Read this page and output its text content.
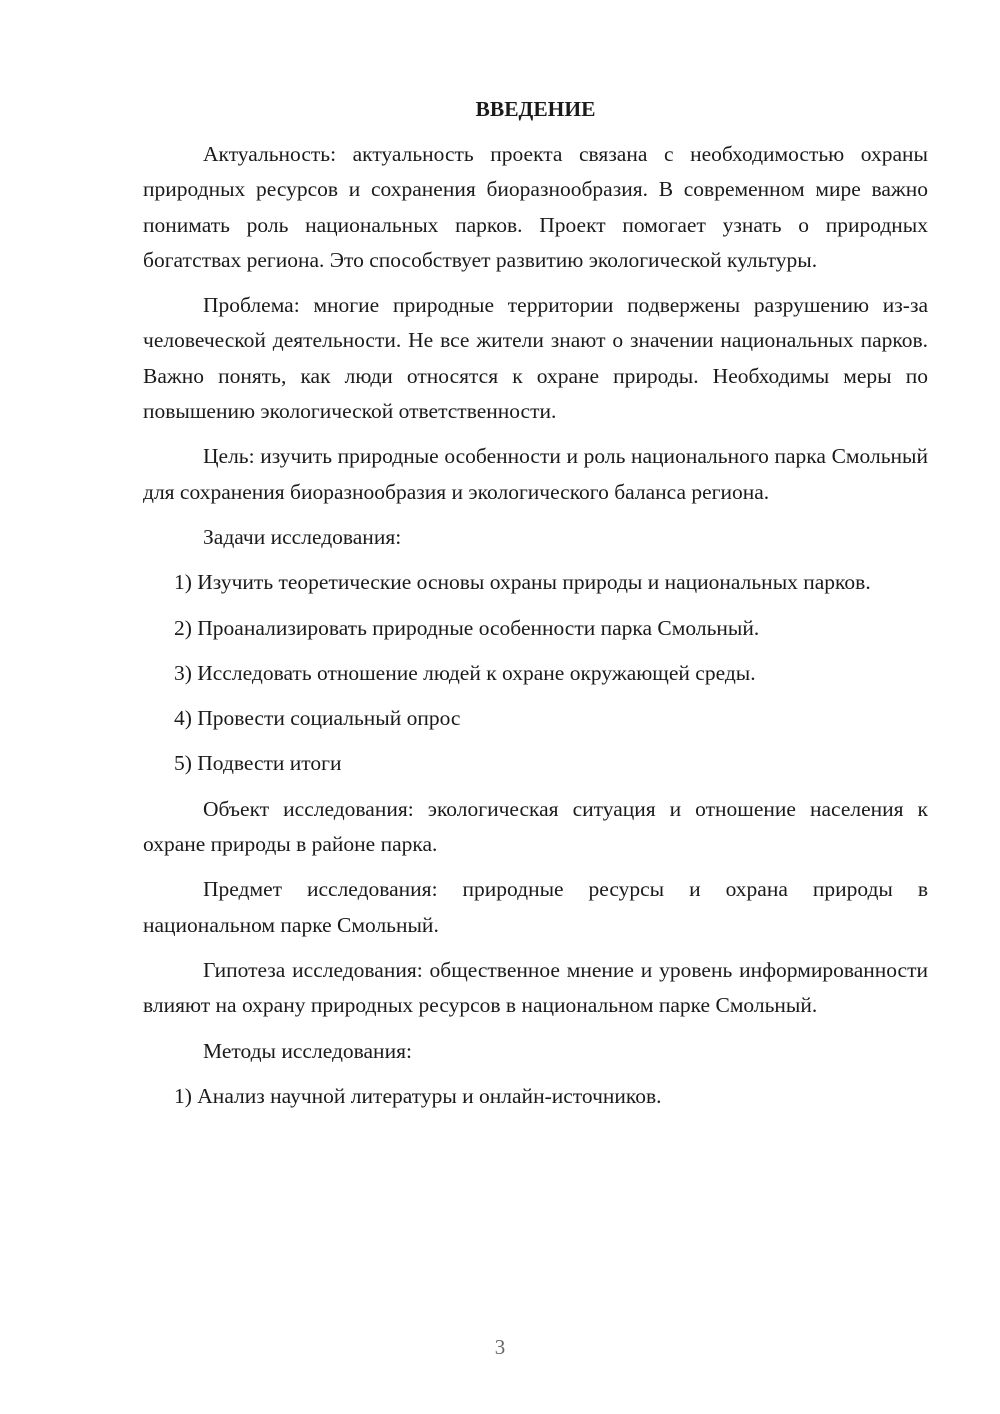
ВВЕДЕНИЕ

Актуальность: актуальность проекта связана с необходимостью охраны природных ресурсов и сохранения биоразнообразия. В современном мире важно понимать роль национальных парков. Проект помогает узнать о природных богатствах региона. Это способствует развитию экологической культуры.

Проблема: многие природные территории подвержены разрушению из-за человеческой деятельности. Не все жители знают о значении национальных парков. Важно понять, как люди относятся к охране природы. Необходимы меры по повышению экологической ответственности.

Цель: изучить природные особенности и роль национального парка Смольный для сохранения биоразнообразия и экологического баланса региона.

Задачи исследования:

1) Изучить теоретические основы охраны природы и национальных парков.

2) Проанализировать природные особенности парка Смольный.

3) Исследовать отношение людей к охране окружающей среды.

4) Провести социальный опрос

5) Подвести итоги

Объект исследования: экологическая ситуация и отношение населения к охране природы в районе парка.

Предмет исследования: природные ресурсы и охрана природы в национальном парке Смольный.

Гипотеза исследования: общественное мнение и уровень информированности влияют на охрану природных ресурсов в национальном парке Смольный.

Методы исследования:

1) Анализ научной литературы и онлайн-источников.

3
